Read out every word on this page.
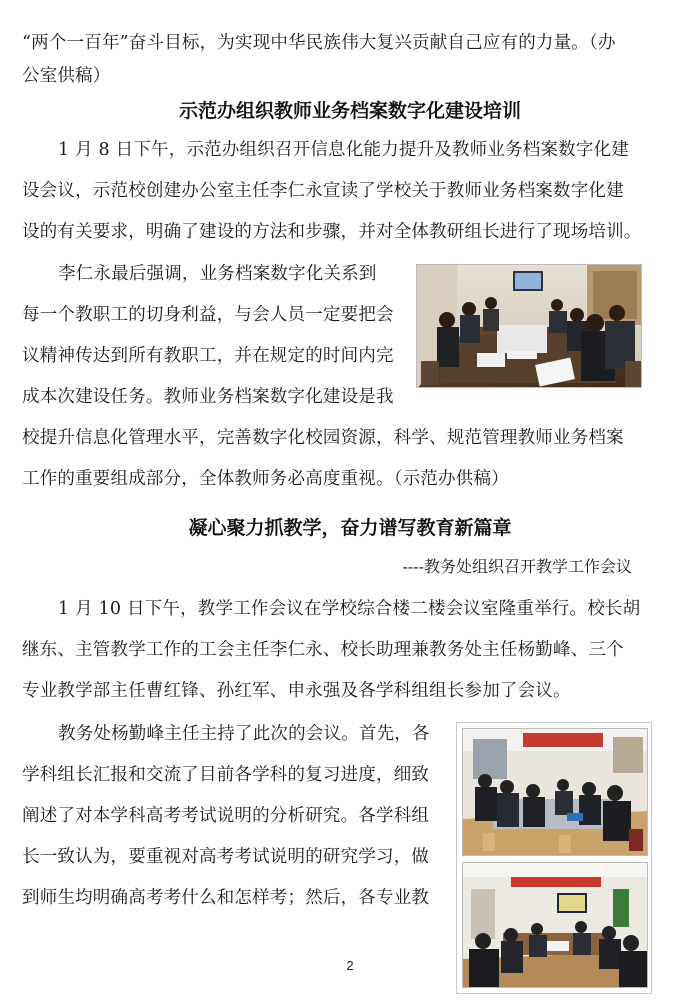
“两个一百年”奋斗目标，为实现中华民族伟大复兴贡献自己应有的力量。（办
公室供稿）
示范办组织教师业务档案数字化建设培训
1 月 8 日下午，示范办组织召开信息化能力提升及教师业务档案数字化建
设会议，示范校创建办公室主任李仁永宣读了学校关于教师业务档案数字化建
设的有关要求，明确了建设的方法和步骤，并对全体教研组长进行了现场培训。
李仁永最后强调，业务档案数字化关系到
每一个教职工的切身利益，与会人员一定要把会
议精神传达到所有教职工，并在规定的时间内完
成本次建设任务。教师业务档案数字化建设是我
校提升信息化管理水平，完善数字化校园资源，科学、规范管理教师业务档案
工作的重要组成部分，全体教师务必高度重视。（示范办供稿）
凝心聚力抓教学，奋力谱写教育新篇章
----教务处组织召开教学工作会议
1 月 10 日下午，教学工作会议在学校综合楼二楼会议室隆重举行。校长胡
继东、主管教学工作的工会主任李仁永、校长助理兼教务处主任杨勤峰、三个
专业教学部主任曹红锋、孙红军、申永强及各学科组组长参加了会议。
教务处杨勤峰主任主持了此次的会议。首先，各
学科组长汇报和交流了目前各学科的复习进度，细致
阐述了对本学科高考考试说明的分析研究。各学科组
长一致认为，要重视对高考考试说明的研究学习，做
到师生均明确高考考什么和怎样考；然后，各专业教
2
